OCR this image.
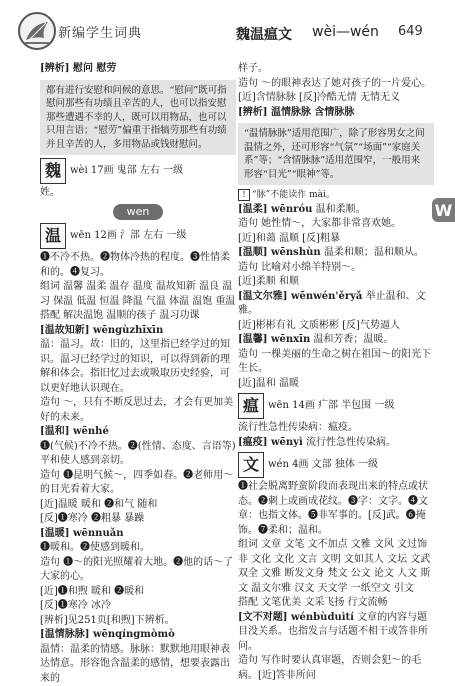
新编学生词典	魏温瘟文 wèi—wén 649
W
[辨析] 慰问 慰劳
都有进行安慰和问候的意思。“慰问”既可指慰问那些有功绩且辛苦的人，也可以指安慰那些遭遇不幸的人，既可以用物品，也可以只用言语；“慰劳”偏重于指犒劳那些有功绩并且辛苦的人，多用物品或钱财慰问。
魏 wèi 17画 鬼部 左右 一级
姓。
wen
温 wēn 12画 氵部 左右 一级
❶不冷不热。❷物体冷热的程度。❸性情柔和的。❹复习。
组词 温馨 温柔 温存 温度 温故知新 温良 温习 保温 低温 恒温 降温 气温 体温 温饱 重温
搭配 解决温饱 温顺的孩子 温习功课
[温故知新] wēngùzhīxīn
温：温习。故：旧的，这里指已经学过的知识。温习已经学过的知识，可以得到新的理解和体会。指旧忆过去或吸取历史经验，可以更好地认识现在。
造句 ～，只有不断反思过去，才会有更加美好的未来。
[温和] wēnhé
❶(气候)不冷不热。❷(性情、态度、言语等)平和使人感到亲切。
造句 ❶昆明气候～，四季如春。❷老师用～的目光看着大家。
[近]温暖 暖和 ❷和气 随和
[反]❶寒冷 ❷粗暴 暴躁
[温暖] wēnnuǎn
❶暖和。❷使感到暖和。
造句 ❶～的阳光照耀着大地。❷他的话～了大家的心。
[近]❶和煦 暖和 ❷暖和
[反]❶寒冷 冰冷
[辨析]见251页[和煦]下辨析。
[温情脉脉] wēnqíngmòmò
温情：温柔的情感。脉脉：默默地用眼神表达情意。形容饱含温柔的感情，想要表露出来的
样子。
造句 ～的眼神表达了她对孩子的一片爱心。
[近]含情脉脉 [反]冷酷无情 无情无义
[辨析] 温情脉脉 含情脉脉
“温情脉脉”适用范围广，除了形容男女之间温情之外，还可形容“气氛”“场面”“家庭关系”等；“含情脉脉”适用范围窄，一般用来形容“目光”“眼神”等。
! “脉”不能读作 mài。
[温柔] wēnróu 温和柔顺。
造句 她性情～，大家都非常喜欢她。
[近]和蔼 温顺 [反]粗暴
[温顺] wēnshùn 温柔和顺；温和顺从。
造句 比喻对小绵羊特别～。
[近]柔顺 和顺
[温文尔雅] wēnwén'ěryǎ 举止温和、文雅。
[近]彬彬有礼 文质彬彬 [反]气势逼人
[温馨] wēnxīn 温和芳香；温暖。
造句 一棵美丽的生命之树在祖国～的阳光下生长。
[近]温和 温暖
瘟 wēn 14画 疒部 半包围 一级
流行性急性传染病：瘟疫。
[瘟疫] wēnyì 流行性急性传染病。
文 wén 4画 文部 独体 一级
❶社会脱离野蛮阶段而表现出来的特点或状态。❷刺上或画成花纹。❸字：文字。❹文章：也指文体。❺非军事的。[反]武。❻掩饰。❼柔和；温和。
组词 文章 文笔 文不加点 文雅 文风 文过饰非 文化 文化 文言 文明 文如其人 文坛 文武双全 文雅 断发文身 梵文 公文 论文 人文 斯文 温文尔雅 汉文 天文学 一纸空文 引文
搭配 文笔优美 文采飞扬 行文流畅
[文不对题] wénbùduìtí 文章的内容与题目没关系。也指发言与话题不相干或答非所问。
造句 写作时要认真审题，否则会犯～的毛病。[近]答非所问
